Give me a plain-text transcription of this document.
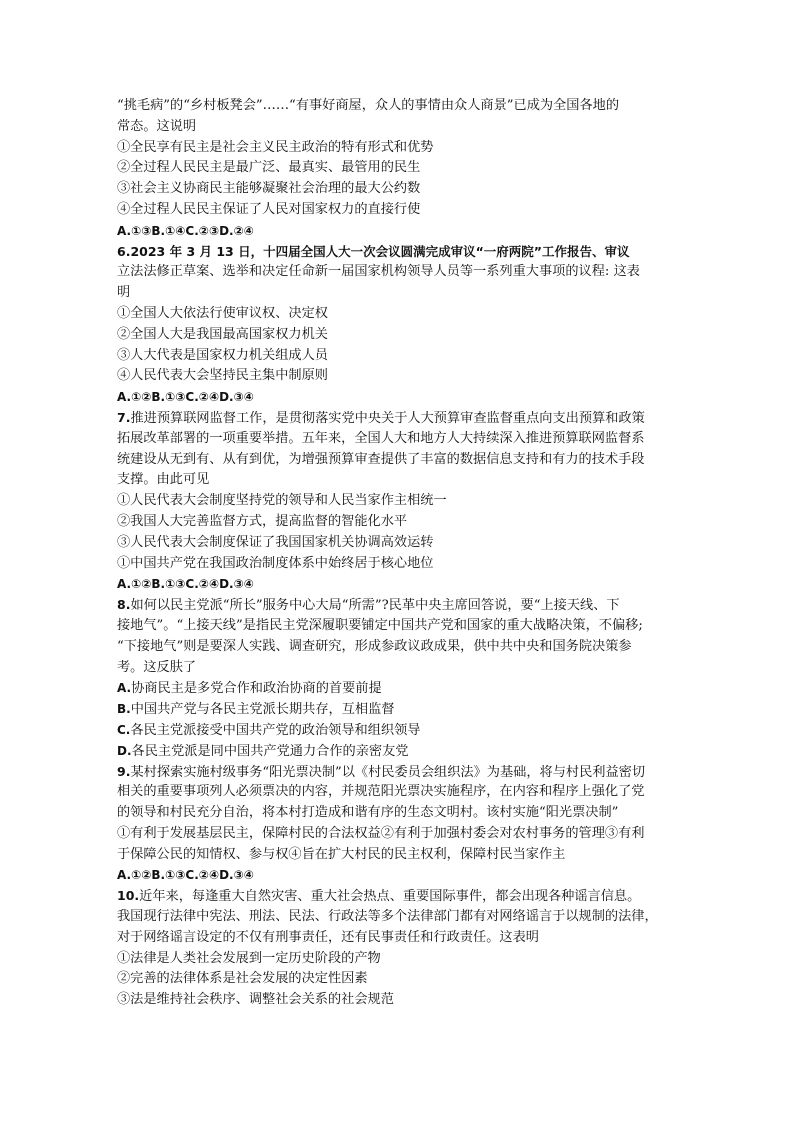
“挑毛病”的“乡村板凳会”……“有事好商屋，众人的事情由众人商景”已成为全国各地的
常态。这说明
①全民享有民主是社会主义民主政治的特有形式和优势
②全过程人民民主是最广泛、最真实、最管用的民生
③社会主义协商民主能够凝聚社会治理的最大公约数
④全过程人民民主保证了人民对国家权力的直接行使
A.①③B.①④C.②③D.②④
6.2023 年 3 月 13 日，十四届全国人大一次会议圆满完成审议“一府两院”工作报告、审议
立法法修正草案、选举和决定任命新一届国家机构领导人员等一系列重大事项的议程: 这表
明
①全国人大依法行使审议权、决定权
②全国人大是我国最高国家权力机关
③人大代表是国家权力机关组成人员
④人民代表大会坚持民主集中制原则
A.①②B.①③C.②④D.③④
7.推进预算联网监督工作，是贯彻落实党中央关于人大预算审查监督重点向支出预算和政策
拓展改革部署的一项重要举措。五年来，全国人大和地方人大持续深入推进预算联网监督系
统建设从无到有、从有到优，为增强预算审查提供了丰富的数据信息支持和有力的技术手段
支撑。由此可见
①人民代表大会制度坚持党的领导和人民当家作主相统一
②我国人大完善监督方式，提高监督的智能化水平
③人民代表大会制度保证了我国国家机关协调高效运转
①中国共产党在我国政治制度体系中始终居于核心地位
A.①②B.①③C.②④D.③④
8.如何以民主党派“所长”服务中心大局“所需”?民革中央主席回答说，要“上接天线、下
接地气”。“上接天线”是指民主党深履职要铺定中国共产党和国家的重大战略决策，不偏移;
“下接地气”则是要深人实践、调查研究，形成参政议政成果，供中共中央和国务院决策参
考。这反肤了
A.协商民主是多党合作和政治协商的首要前提
B.中国共产党与各民主党派长期共存，互相监督
C.各民主党派接受中国共产党的政治领导和组织领导
D.各民主党派是同中国共产党通力合作的亲密友党
9.某村探索实施村级事务“阳光票决制”以《村民委员会组织法》为基础，将与村民利益密切
相关的重要事项列人必须票决的内容，并规范阳光票决实施程序，在内容和程序上强化了党
的领导和村民充分自治，将本村打造成和谐有序的生态文明村。该村实施“阳光票决制”
①有利于发展基层民主，保障村民的合法权益②有利于加强村委会对农村事务的管理③有利
于保障公民的知情权、参与权④旨在扩大村民的民主权利，保障村民当家作主
A.①②B.①③C.②④D.③④
10.近年来，每逢重大自然灾害、重大社会热点、重要国际事件，都会出现各种谣言信息。
我国现行法律中宪法、刑法、民法、行政法等多个法律部门都有对网络谣言于以规制的法律，
对于网络谣言设定的不仅有刑事责任，还有民事责任和行政责任。这表明
①法律是人类社会发展到一定历史阶段的产物
②完善的法律体系是社会发展的决定性因素
③法是维持社会秩序、调整社会关系的社会规范
